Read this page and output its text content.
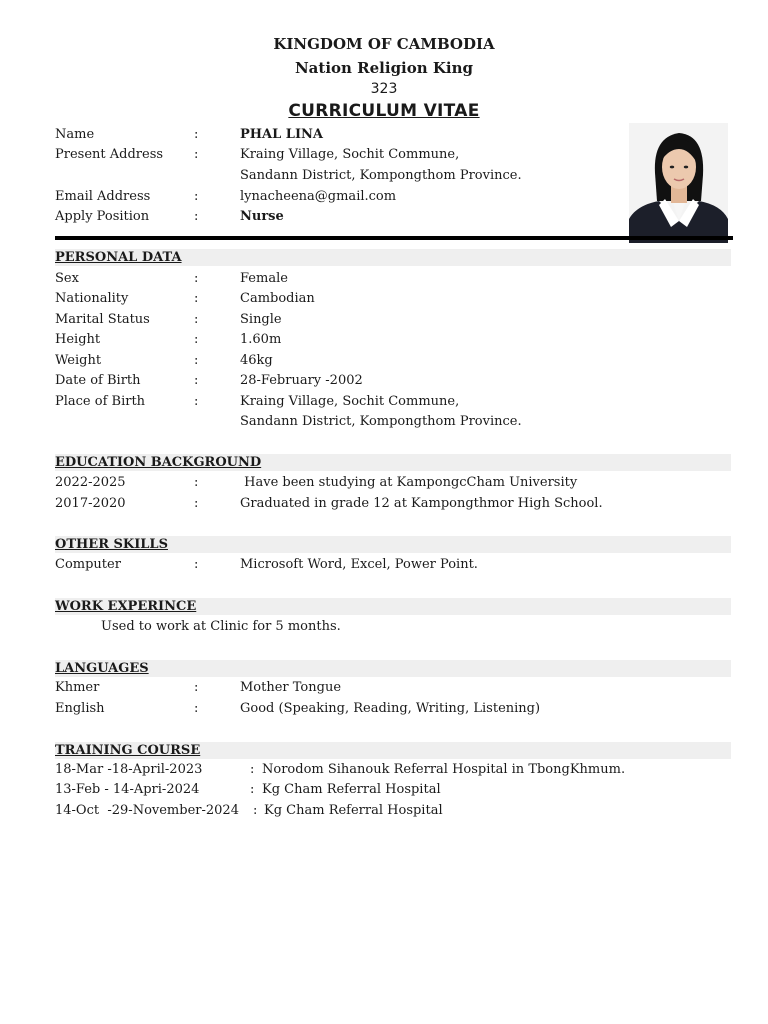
KINGDOM OF CAMBODIA
Nation Religion King
323
CURRICULUM VITAE
Name	:	PHAL LINA
Present Address :	Kraing Village, Sochit Commune,
Sandann District, Kompongthom Province.
Email Address	:	lynacheena@gmail.com
Apply Position	:	Nurse
PERSONAL DATA
Sex	:	Female
Nationality	:	Cambodian
Marital Status	:	Single
Height	:	1.60m
Weight	:	46kg
Date of Birth	:	28-February -2002
Place of Birth	:	Kraing Village, Sochit Commune,
Sandann District, Kompongthom Province.
EDUCATION BACKGROUND
2022-2025	:	Have been studying at KampongcCham University
2017-2020	:	Graduated in grade 12 at Kampongthmor High School.
OTHER SKILLS
Computer	:	Microsoft Word, Excel, Power Point.
WORK EXPERINCE
Used to work at Clinic for 5 months.
LANGUAGES
Khmer	:	Mother Tongue
English	:	Good (Speaking, Reading, Writing, Listening)
TRAINING COURSE
18-Mar -18-April-2023	: Norodom Sihanouk Referral Hospital in TbongKhmum.
13-Feb - 14-Apri-2024	: Kg Cham Referral Hospital
14-Oct  -29-November-2024 : Kg Cham Referral Hospital
